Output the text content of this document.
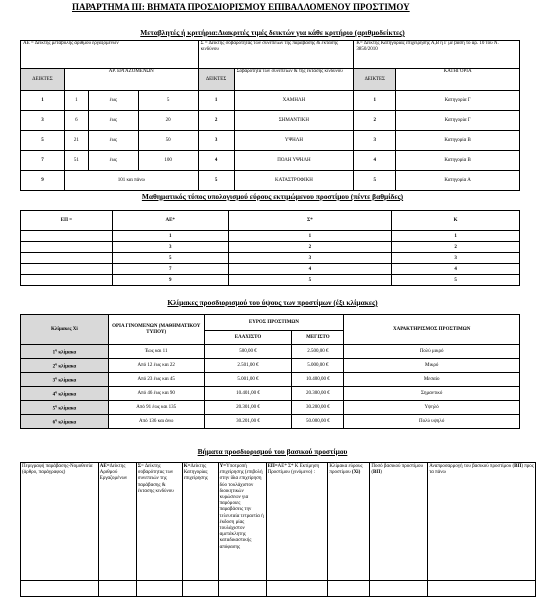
ΠΑΡΑΡΤΗΜΑ ΙΙΙ: ΒΗΜΑΤΑ ΠΡΟΣΔΙΟΡΙΣΜΟΥ ΕΠΙΒΑΛΛΟΜΕΝΟΥ ΠΡΟΣΤΙΜΟΥ
Μεταβλητές ή κριτήρια:Διακριτές τιμές δεικτών για κάθε κριτήριο (αριθμοδείκτες)
ΑΕ = Δείκτης μεταβολής αριθμού εργαζομένων				Σ = Δείκτης σοβαρότητας των συνεπειών της παράβασης & έκτασης κινδύνου		Κ= Δείκτης Κατηγορίας επιχείρησης Α,Β ή Γ με βάση το αρ. 10 του Ν. 3850/2010	
ΔΕΙΚΤΕΣ	ΑΡ. ΕΡΓΑΖΟΜΕΝΩΝ			ΔΕΙΚΤΕΣ	Σοβαρότητα των συνεπειών & της έκτασης κινδύνου	ΔΕΙΚΤΕΣ	ΚΑΤΗΓΟΡΙΑ
1	1	έως	5	1	ΧΑΜΗΛΗ	1	Κατηγορία Γ
3	6	έως	20	2	ΣΗΜΑΝΤΙΚΗ	2	Κατηγορία Γ
5	21	έως	50	3	ΥΨΗΛΗ	3	Κατηγορία Β
7	51	έως	100	4	ΠΟΛΗ ΥΨΗΛΗ	4	Κατηγορία Β
9	101 και πάνω			5	ΚΑΤΑΣΤΡΟΦΙΚΗ	5	Κατηγορία Α
Μαθηματικός τύπος υπολογισμού εύρους εκτιμώμενου προστίμου (πέντε βαθμίδες)
ΕΠ =	ΑΕ*	Σ*	Κ
	1	1	1
	3	2	2
	5	3	3
	7	4	4
	9	5	5
Κλίμακες προσδιορισμού του ύψους των προστίμων (έξι κλίμακες)
Κλίμακες Χi	ΟΡΙΑ ΓΙΝΟΜΕΝΩΝ (ΜΑΘΗΜΑΤΙΚΟΥ ΤΥΠΟΥ)	ΕΥΡΟΣ ΠΡΟΣΤΙΜΩΝ		ΧΑΡΑΚΤΗΡΙΣΜΟΣ ΠΡΟΣΤΙΜΩΝ
		ΕΛΑΧΙΣΤΟ	ΜΕΓΙΣΤΟ	
$1^\eta$ κλίμακα	Έως και 11	500,00 €	2.500,00 €	Πολύ μικρό
$2^\eta$ κλίμακα	Από 12 έως και 22	2.501,00 €	5.000,00 €	Μικρό
$3^\eta$ κλίμακα	Από 23 έως και 45	5.001,00 €	10.400,00 €	Μεσαίο
$4^\eta$ κλίμακα	Από 46 έως και 90	10.401,00 €	20.300,00 €	Σημαντικό
$5^\eta$ κλίμακα	Από 91 έως και 135	20.301,00 €	30.200,00 €	Υψηλό
$6^\eta$ κλίμακα	Από 136 και άνω	30.201,00 €	50.000,00 €	Πολύ υψηλό
Βήματα προσδιορισμού του βασικού προστίμου
Περιγραφή παράβασης-Νομοθεσία (άρθρο, παράγραφος)	ΑΕ=Δείκτης Αριθμού Εργαζομένων	Σ= Δείκτης σοβαρότητας των συνεπειών της παράβασης & έκτασης κινδύνου	Κ=Δείκτης Κατηγορίας επιχείρησης	Υ=Υποτροπή επιχείρησης (επιβολή στην ίδια επιχείρηση δύο τουλάχιστον διοικητικών κυρώσεων για παρόμοιες παραβάσεις την τελευταία τετραετία ή έκδοση μίας τουλάχιστον αμετάκλητης καταδικαστικής απόφασης	ΕΠ=ΑΕ* Σ* Κ Εκτίμηση Προστίμου (γινόμενο) :	Κλίμακα εύρους προστίμου (Χi)	Ποσό βασικού προστίμου (ΒΠ)	Αναπροσαρμογή του βασικού προστίμου (ΒΠ) προς τα πάνω
